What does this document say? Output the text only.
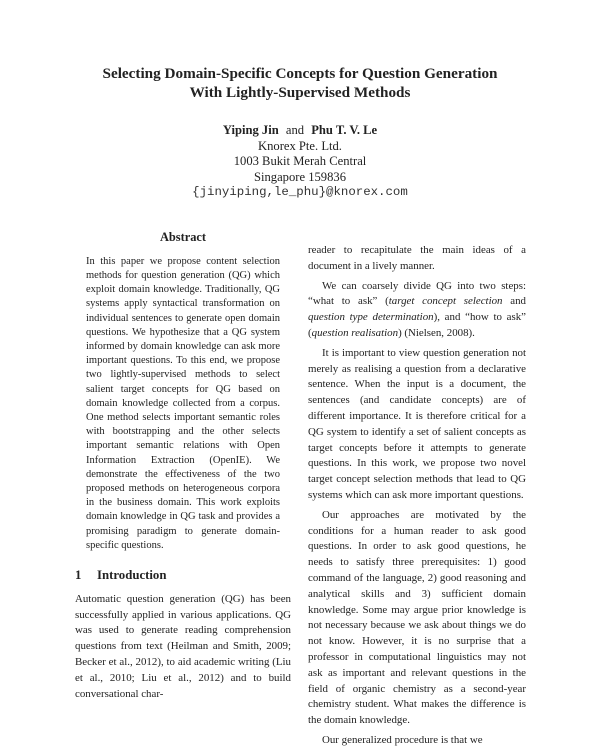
Selecting Domain-Specific Concepts for Question Generation
With Lightly-Supervised Methods
Yiping Jin and Phu T. V. Le
Knorex Pte. Ltd.
1003 Bukit Merah Central
Singapore 159836
{jinyiping,le_phu}@knorex.com
Abstract

In this paper we propose content selection methods for question generation (QG) which exploit domain knowledge. Traditionally, QG systems apply syntactical transformation on individual sentences to generate open domain questions. We hypothesize that a QG system informed by domain knowledge can ask more important questions. To this end, we propose two lightly-supervised methods to select salient target concepts for QG based on domain knowledge collected from a corpus. One method selects important semantic roles with bootstrapping and the other selects important semantic relations with Open Information Extraction (OpenIE). We demonstrate the effectiveness of the two proposed methods on heterogeneous corpora in the business domain. This work exploits domain knowledge in QG task and provides a promising paradigm to generate domain-specific questions.

1 Introduction

Automatic question generation (QG) has been successfully applied in various applications. QG was used to generate reading comprehension questions from text (Heilman and Smith, 2009; Becker et al., 2012), to aid academic writing (Liu et al., 2010; Liu et al., 2012) and to build conversational char-

reader to recapitulate the main ideas of a document in a lively manner.

We can coarsely divide QG into two steps: “what to ask” (target concept selection and question type determination), and “how to ask” (question realisation) (Nielsen, 2008).

It is important to view question generation not merely as realising a question from a declarative sentence. When the input is a document, the sentences (and candidate concepts) are of different importance. It is therefore critical for a QG system to identify a set of salient concepts as target concepts before it attempts to generate questions. In this work, we propose two novel target concept selection methods that lead to QG systems which can ask more important questions.

Our approaches are motivated by the conditions for a human reader to ask good questions. In order to ask good questions, he needs to satisfy three prerequisites: 1) good command of the language, 2) good reasoning and analytical skills and 3) sufficient domain knowledge. Some may argue prior knowledge is not necessary because we ask about things we do not know. However, it is no surprise that a professor in computational linguistics may not ask as important and relevant questions in the field of organic chemistry as a second-year chemistry student. What makes the difference is the domain knowledge.

Our generalized procedure is that we
